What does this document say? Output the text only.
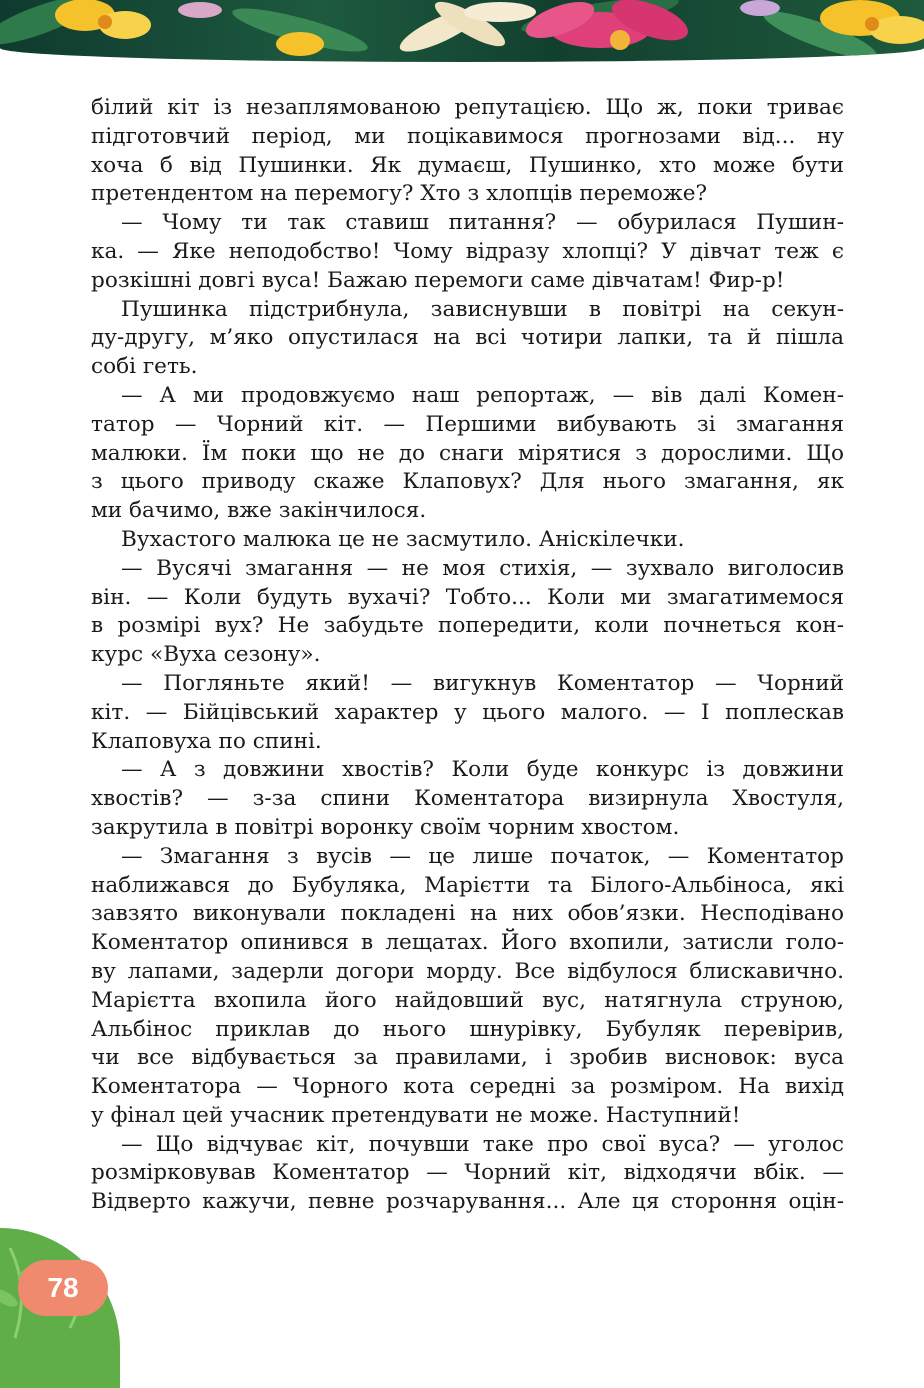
білий кіт із незаплямованою репутацією. Що ж, поки триває
підготовчий період, ми поцікавимося прогнозами від... ну
хоча б від Пушинки. Як думаєш, Пушинко, хто може бути
претендентом на перемогу? Хто з хлопців переможе?
— Чому ти так ставиш питання? — обурилася Пушин-
ка. — Яке неподобство! Чому відразу хлопці? У дівчат теж є
розкішні довгі вуса! Бажаю перемоги саме дівчатам! Фир-р!
Пушинка підстрибнула, зависнувши в повітрі на секун-
ду-другу, м’яко опустилася на всі чотири лапки, та й пішла
собі геть.
— А ми продовжуємо наш репортаж, — вів далі Комен-
татор — Чорний кіт. — Першими вибувають зі змагання
малюки. Їм поки що не до снаги мірятися з дорослими. Що
з цього приводу скаже Клаповух? Для нього змагання, як
ми бачимо, вже закінчилося.
Вухастого малюка це не засмутило. Аніскілечки.
— Вусячі змагання — не моя стихія, — зухвало виголосив
він. — Коли будуть вухачі? Тобто... Коли ми змагатимемося
в розмірі вух? Не забудьте попередити, коли почнеться кон-
курс «Вуха сезону».
— Погляньте який! — вигукнув Коментатор — Чорний
кіт. — Бійцівський характер у цього малого. — І поплескав
Клаповуха по спині.
— А з довжини хвостів? Коли буде конкурс із довжини
хвостів? — з-за спини Коментатора визирнула Хвостуля,
закрутила в повітрі воронку своїм чорним хвостом.
— Змагання з вусів — це лише початок, — Коментатор
наближався до Бубуляка, Марієтти та Білого-Альбіноса, які
завзято виконували покладені на них обов’язки. Несподівано
Коментатор опинився в лещатах. Його вхопили, затисли голо-
ву лапами, задерли догори морду. Все відбулося блискавично.
Марієтта вхопила його найдовший вус, натягнула струною,
Альбінос приклав до нього шнурівку, Бубуляк перевірив,
чи все відбувається за правилами, і зробив висновок: вуса
Коментатора — Чорного кота середні за розміром. На вихід
у фінал цей учасник претендувати не може. Наступний!
— Що відчуває кіт, почувши таке про свої вуса? — уголос
розмірковував Коментатор — Чорний кіт, відходячи вбік. —
Відверто кажучи, певне розчарування... Але ця стороння оцін-
78
